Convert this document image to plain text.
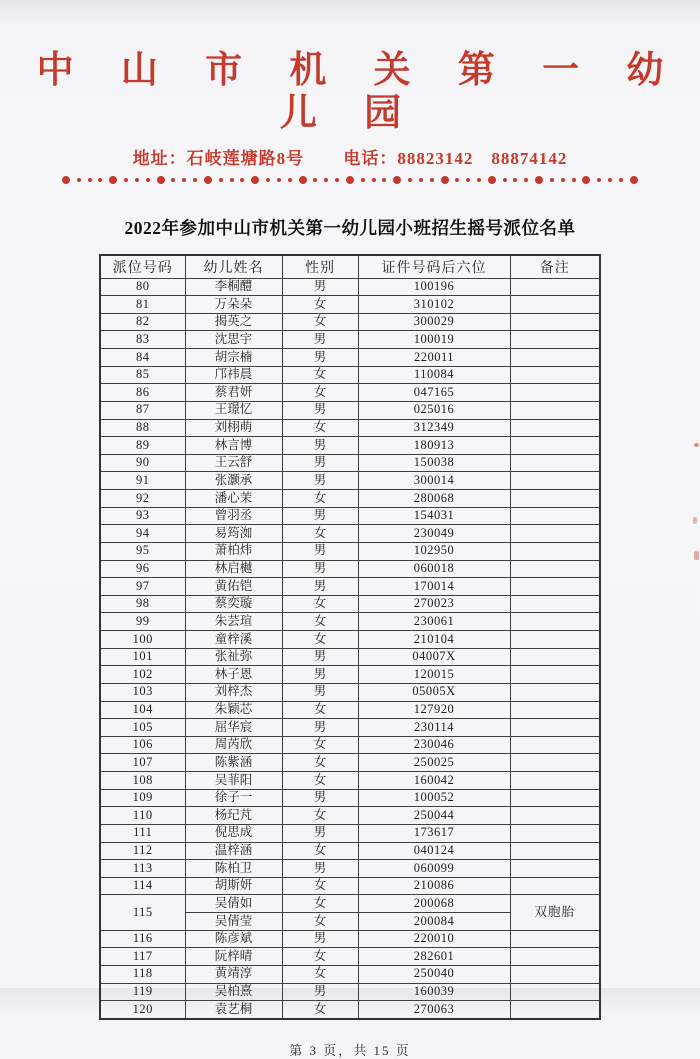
中 山 市 机 关 第 一 幼 儿 园
地址：石岐莲塘路8号 电话：88823142　88874142
2022年参加中山市机关第一幼儿园小班招生摇号派位名单
派位号码	幼儿姓名	性别	证件号码后六位	备注
80	李桐醴	男	100196	
81	万朵朵	女	310102	
82	揭英之	女	300029	
83	沈思宇	男	100019	
84	胡宗楠	男	220011	
85	邝祎晨	女	110084	
86	蔡君妍	女	047165	
87	王璟忆	男	025016	
88	刘栩萌	女	312349	
89	林言博	男	180913	
90	王云舒	男	150038	
91	张灏承	男	300014	
92	潘心茉	女	280068	
93	曾羽丞	男	154031	
94	易筠洳	女	230049	
95	萧柏炜	男	102950	
96	林启樾	男	060018	
97	黄佑铠	男	170014	
98	蔡奕璇	女	270023	
99	朱芸瑄	女	230061	
100	童梓溪	女	210104	
101	张祉弥	男	04007X	
102	林子恩	男	120015	
103	刘梓杰	男	05005X	
104	朱颖芯	女	127920	
105	屈华宸	男	230114	
106	周芮欣	女	230046	
107	陈紫涵	女	250025	
108	吴菲阳	女	160042	
109	徐子一	男	100052	
110	杨玘芃	女	250044	
111	倪思成	男	173617	
112	温梓涵	女	040124	
113	陈柏卫	男	060099	
114	胡斯妍	女	210086	
115	吴倩如	女	200068	双胞胎
	吴倩莹	女	200084	
116	陈彦斌	男	220010	
117	阮梓晴	女	282601	
118	黄靖淳	女	250040	
119	吴柏熹	男	160039	
120	袁艺桐	女	270063	
第 3 页，共 15 页
